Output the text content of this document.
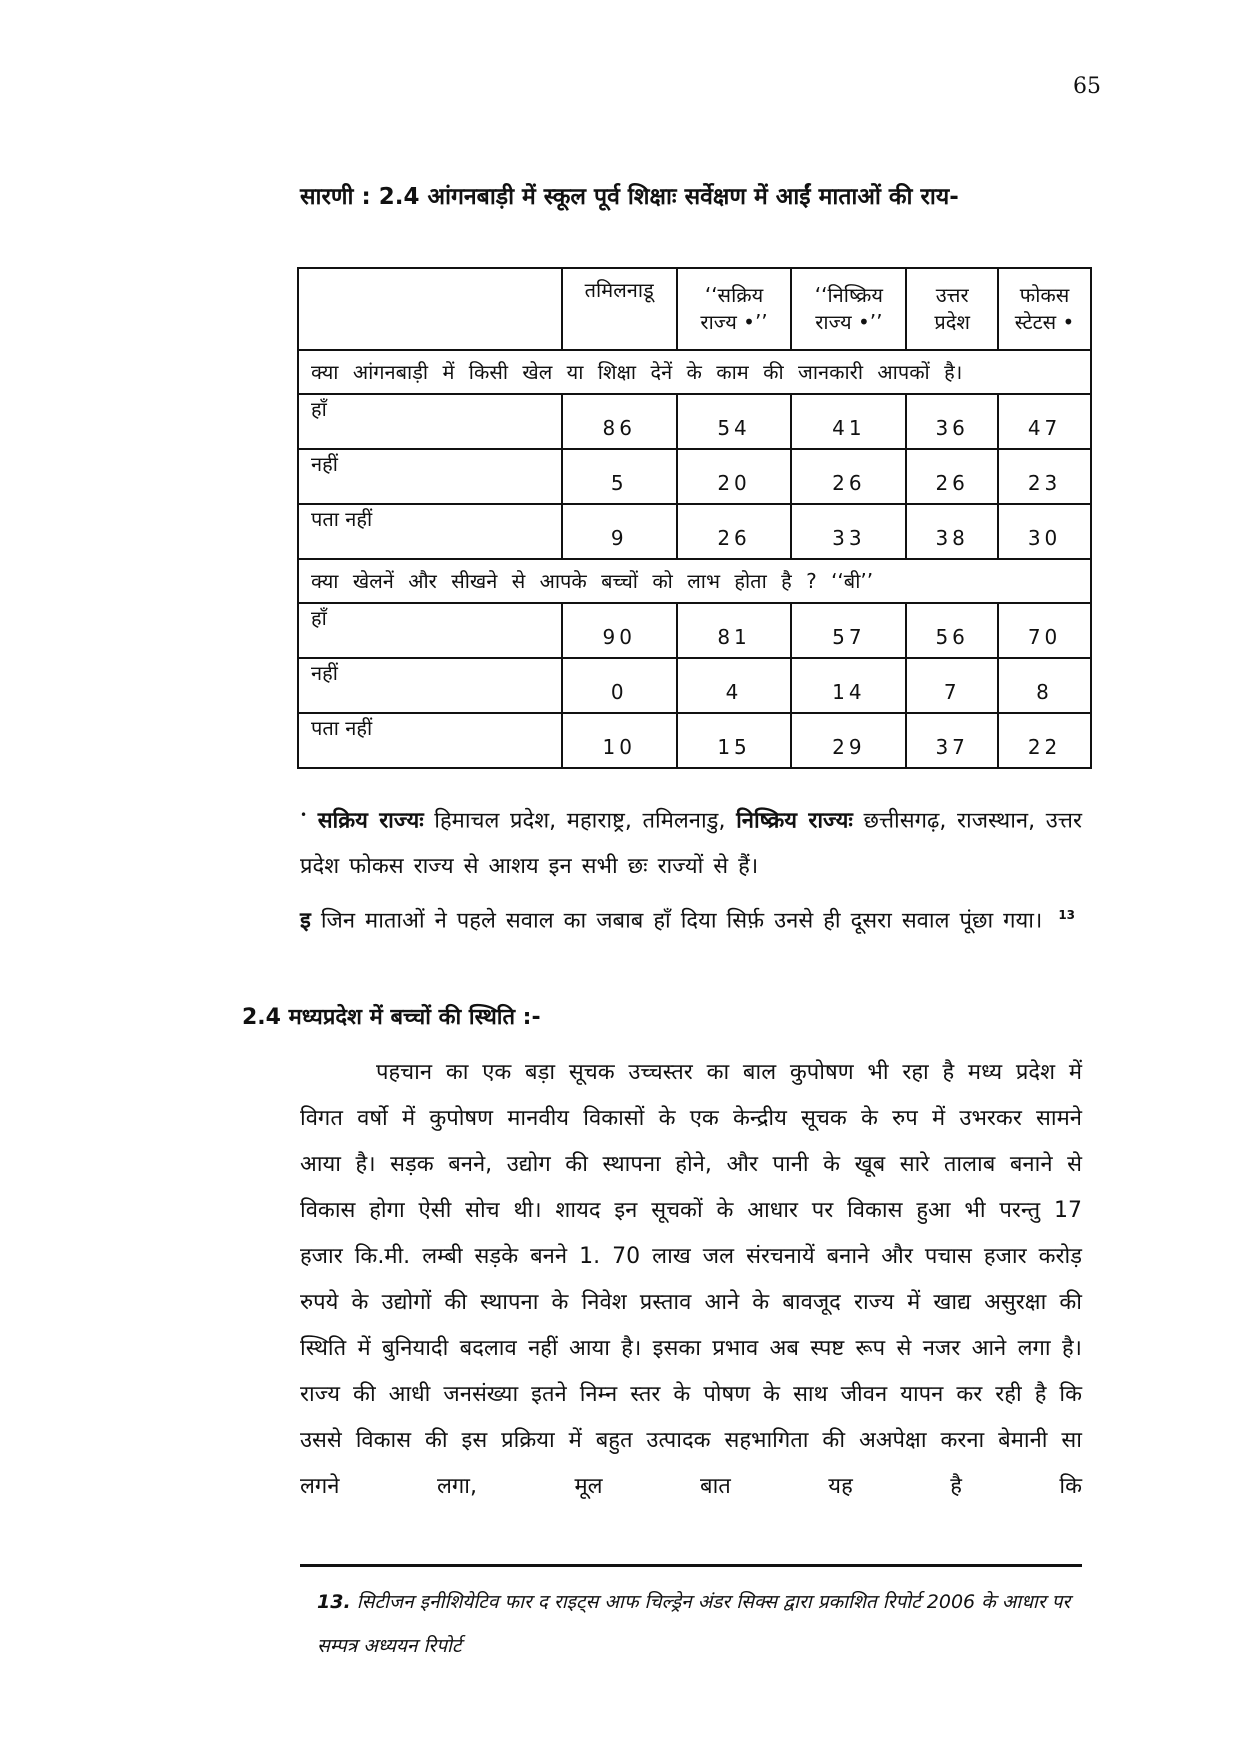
65
सारणी : 2.4 आंगनबाड़ी में स्कूल पूर्व शिक्षाः सर्वेक्षण में आईं माताओं की राय-
	तमिलनाडू	‘‘सक्रिय राज्य •’’	‘‘निष्क्रिय राज्य •’’	उत्तर प्रदेश	फोकस स्टेटस •
क्या आंगनबाड़ी में किसी खेल या शिक्षा देनें के काम की जानकारी आपकों है।					
हाँ	86	54	41	36	47
नहीं	5	20	26	26	23
पता नहीं	9	26	33	38	30
क्या खेलनें और सीखने से आपके बच्चों को लाभ होता है ? ‘‘बी’’					
हाँ	90	81	57	56	70
नहीं	0	4	14	7	8
पता नहीं	10	15	29	37	22
• सक्रिय राज्यः हिमाचल प्रदेश, महाराष्ट्र, तमिलनाडु, निष्क्रिय राज्यः छत्तीसगढ़, राजस्थान, उत्तर प्रदेश फोकस राज्य से आशय इन सभी छः राज्यों से हैं।
इ जिन माताओं ने पहले सवाल का जबाब हाँ दिया सिर्फ़ उनसे ही दूसरा सवाल पूंछा गया। $^{13}$
2.4 मध्यप्रदेश में बच्चों की स्थिति :-
पहचान का एक बड़ा सूचक उच्चस्तर का बाल कुपोषण भी रहा है मध्य प्रदेश में विगत वर्षो में कुपोषण मानवीय विकासों के एक केन्द्रीय सूचक के रुप में उभरकर सामने आया है। सड़क बनने, उद्योग की स्थापना होने, और पानी के खूब सारे तालाब बनाने से विकास होगा ऐसी सोच थी। शायद इन सूचकों के आधार पर विकास हुआ भी परन्तु 17 हजार कि.मी. लम्बी सड़के बनने 1. 70 लाख जल संरचनायें बनाने और पचास हजार करोड़ रुपये के उद्योगों की स्थापना के निवेश प्रस्ताव आने के बावजूद राज्य में खाद्य असुरक्षा की स्थिति में बुनियादी बदलाव नहीं आया है। इसका प्रभाव अब स्पष्ट रूप से नजर आने लगा है। राज्य की आधी जनसंख्या इतने निम्न स्तर के पोषण के साथ जीवन यापन कर रही है कि उससे विकास की इस प्रक्रिया में बहुत उत्पादक सहभागिता की अअपेक्षा करना बेमानी सा लगने लगा, मूल बात यह है कि
13. सिटीजन इनीशियेटिव फार द राइट्स आफ चिल्ड्रेन अंडर सिक्स द्वारा प्रकाशित रिपोर्ट 2006 के आधार पर सम्पत्र अध्ययन रिपोर्ट
